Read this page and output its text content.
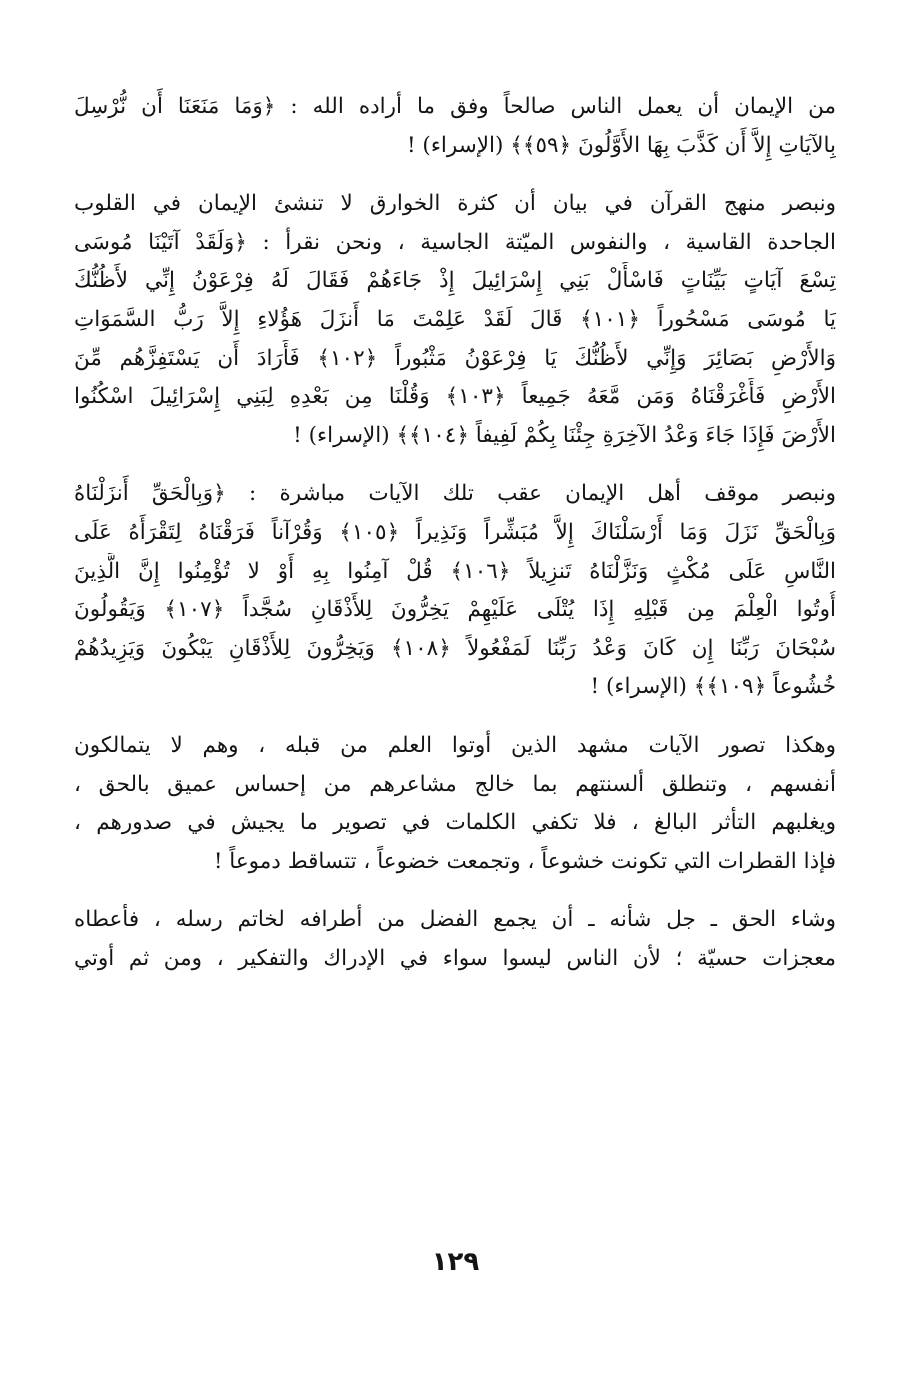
من الإيمان أن يعمل الناس صالحاً وفق ما أراده الله : ﴿وَمَا مَنَعَنَا أَن نُّرْسِلَ
بِالآيَاتِ إِلاَّ أَن كَذَّبَ بِهَا الأَوَّلُونَ ﴿٥٩﴾﴾ (الإسراء) !

ونبصر منهج القرآن في بيان أن كثرة الخوارق لا تنشئ الإيمان في القلوب
الجاحدة القاسية ، والنفوس الميّتة الجاسية ، ونحن نقرأ : ﴿وَلَقَدْ آتَيْنَا مُوسَى
تِسْعَ آيَاتٍ بَيِّنَاتٍ فَاسْأَلْ بَنِي إِسْرَائِيلَ إِذْ جَاءَهُمْ فَقَالَ لَهُ فِرْعَوْنُ إِنِّي لأَظُنُّكَ
يَا مُوسَى مَسْحُوراً ﴿١٠١﴾ قَالَ لَقَدْ عَلِمْتَ مَا أَنزَلَ هَؤُلاءِ إِلاَّ رَبُّ السَّمَوَاتِ
وَالأَرْضِ بَصَائِرَ وَإِنِّي لأَظُنُّكَ يَا فِرْعَوْنُ مَثْبُوراً ﴿١٠٢﴾ فَأَرَادَ أَن يَسْتَفِزَّهُم مِّنَ
الأَرْضِ فَأَغْرَقْنَاهُ وَمَن مَّعَهُ جَمِيعاً ﴿١٠٣﴾ وَقُلْنَا مِن بَعْدِهِ لِبَنِي إِسْرَائِيلَ اسْكُنُوا
الأَرْضَ فَإِذَا جَاءَ وَعْدُ الآخِرَةِ جِئْنَا بِكُمْ لَفِيفاً ﴿١٠٤﴾﴾ (الإسراء) !

ونبصر موقف أهل الإيمان عقب تلك الآيات مباشرة : ﴿وَبِالْحَقِّ أَنزَلْنَاهُ
وَبِالْحَقِّ نَزَلَ وَمَا أَرْسَلْنَاكَ إِلاَّ مُبَشِّراً وَنَذِيراً ﴿١٠٥﴾ وَقُرْآناً فَرَقْنَاهُ لِتَقْرَأَهُ عَلَى
النَّاسِ عَلَى مُكْثٍ وَنَزَّلْنَاهُ تَنزِيلاً ﴿١٠٦﴾ قُلْ آمِنُوا بِهِ أَوْ لا تُؤْمِنُوا إِنَّ الَّذِينَ
أُوتُوا الْعِلْمَ مِن قَبْلِهِ إِذَا يُتْلَى عَلَيْهِمْ يَخِرُّونَ لِلأَذْقَانِ سُجَّداً ﴿١٠٧﴾ وَيَقُولُونَ
سُبْحَانَ رَبِّنَا إِن كَانَ وَعْدُ رَبِّنَا لَمَفْعُولاً ﴿١٠٨﴾ وَيَخِرُّونَ لِلأَذْقَانِ يَبْكُونَ وَيَزِيدُهُمْ
خُشُوعاً ﴿١٠٩﴾﴾ (الإسراء) !

وهكذا تصور الآيات مشهد الذين أوتوا العلم من قبله ، وهم لا يتمالكون
أنفسهم ، وتنطلق ألسنتهم بما خالج مشاعرهم من إحساس عميق بالحق ،
ويغلبهم التأثر البالغ ، فلا تكفي الكلمات في تصوير ما يجيش في صدورهم ،
فإذا القطرات التي تكونت خشوعاً ، وتجمعت خضوعاً ، تتساقط دموعاً !

وشاء الحق ـ جل شأنه ـ أن يجمع الفضل من أطرافه لخاتم رسله ، فأعطاه
معجزات حسيّة ؛ لأن الناس ليسوا سواء في الإدراك والتفكير ، ومن ثم أوتي

١٢٩
